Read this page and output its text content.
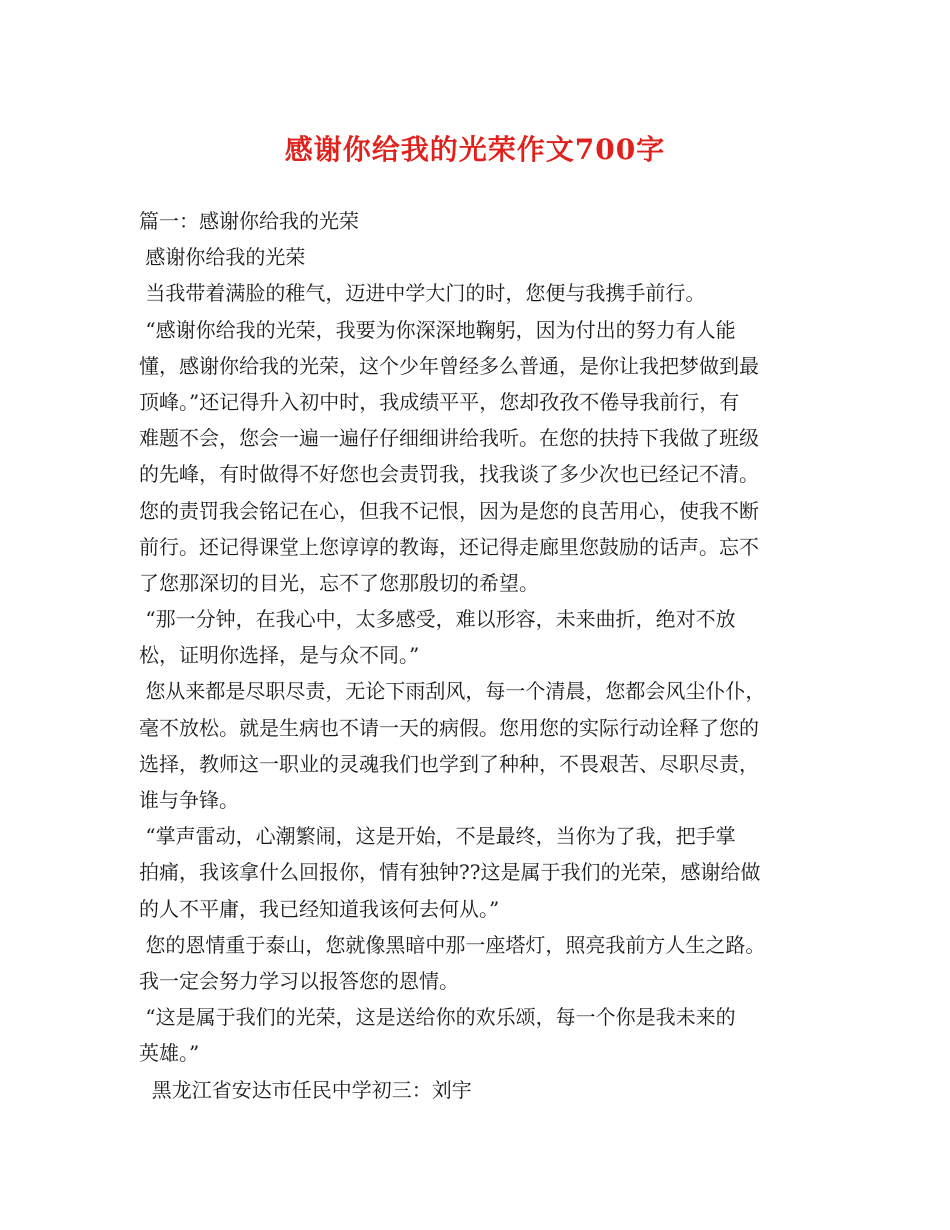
感谢你给我的光荣作文700字
篇一：感谢你给我的光荣
感谢你给我的光荣
当我带着满脸的稚气，迈进中学大门的时，您便与我携手前行。
“感谢你给我的光荣，我要为你深深地鞠躬，因为付出的努力有人能
懂，感谢你给我的光荣，这个少年曾经多么普通，是你让我把梦做到最
顶峰。”还记得升入初中时，我成绩平平，您却孜孜不倦导我前行，有
难题不会，您会一遍一遍仔仔细细讲给我听。在您的扶持下我做了班级
的先峰，有时做得不好您也会责罚我，找我谈了多少次也已经记不清。
您的责罚我会铭记在心，但我不记恨，因为是您的良苦用心，使我不断
前行。还记得课堂上您谆谆的教诲，还记得走廊里您鼓励的话声。忘不
了您那深切的目光，忘不了您那殷切的希望。
“那一分钟，在我心中，太多感受，难以形容，未来曲折，绝对不放
松，证明你选择，是与众不同。”
您从来都是尽职尽责，无论下雨刮风，每一个清晨，您都会风尘仆仆，
毫不放松。就是生病也不请一天的病假。您用您的实际行动诠释了您的
选择，教师这一职业的灵魂我们也学到了种种，不畏艰苦、尽职尽责，
谁与争锋。
“掌声雷动，心潮繁闹，这是开始，不是最终，当你为了我，把手掌
拍痛，我该拿什么回报你，情有独钟??这是属于我们的光荣，感谢给做
的人不平庸，我已经知道我该何去何从。”
您的恩情重于泰山，您就像黑暗中那一座塔灯，照亮我前方人生之路。
我一定会努力学习以报答您的恩情。
“这是属于我们的光荣，这是送给你的欢乐颂，每一个你是我未来的
英雄。”
黑龙江省安达市任民中学初三：刘宇
